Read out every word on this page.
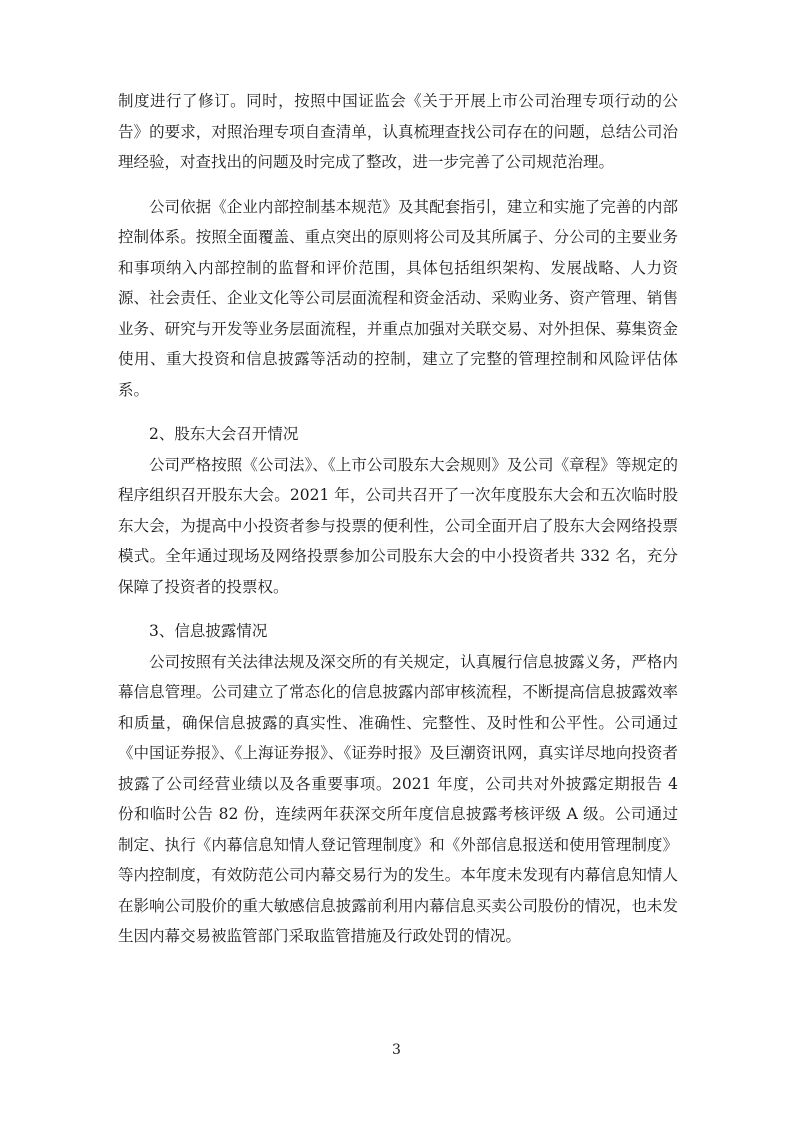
制度进行了修订。同时，按照中国证监会《关于开展上市公司治理专项行动的公告》的要求，对照治理专项自查清单，认真梳理查找公司存在的问题，总结公司治理经验，对查找出的问题及时完成了整改，进一步完善了公司规范治理。

公司依据《企业内部控制基本规范》及其配套指引，建立和实施了完善的内部控制体系。按照全面覆盖、重点突出的原则将公司及其所属子、分公司的主要业务和事项纳入内部控制的监督和评价范围，具体包括组织架构、发展战略、人力资源、社会责任、企业文化等公司层面流程和资金活动、采购业务、资产管理、销售业务、研究与开发等业务层面流程，并重点加强对关联交易、对外担保、募集资金使用、重大投资和信息披露等活动的控制，建立了完整的管理控制和风险评估体系。

2、股东大会召开情况

公司严格按照《公司法》、《上市公司股东大会规则》及公司《章程》等规定的程序组织召开股东大会。2021 年，公司共召开了一次年度股东大会和五次临时股东大会，为提高中小投资者参与投票的便利性，公司全面开启了股东大会网络投票模式。全年通过现场及网络投票参加公司股东大会的中小投资者共 332 名，充分保障了投资者的投票权。

3、信息披露情况

公司按照有关法律法规及深交所的有关规定，认真履行信息披露义务，严格内幕信息管理。公司建立了常态化的信息披露内部审核流程，不断提高信息披露效率和质量，确保信息披露的真实性、准确性、完整性、及时性和公平性。公司通过《中国证券报》、《上海证券报》、《证券时报》及巨潮资讯网，真实详尽地向投资者披露了公司经营业绩以及各重要事项。2021 年度，公司共对外披露定期报告 4 份和临时公告 82 份，连续两年获深交所年度信息披露考核评级 A 级。公司通过制定、执行《内幕信息知情人登记管理制度》和《外部信息报送和使用管理制度》等内控制度，有效防范公司内幕交易行为的发生。本年度未发现有内幕信息知情人在影响公司股价的重大敏感信息披露前利用内幕信息买卖公司股份的情况，也未发生因内幕交易被监管部门采取监管措施及行政处罚的情况。

3
